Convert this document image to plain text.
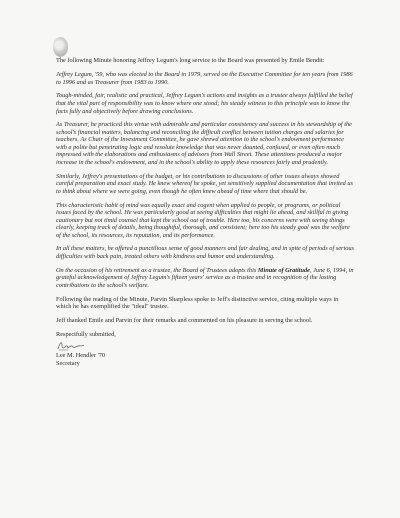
The following Minute honoring Jeffrey Legum's long service to the Board was presented by Emile Bendit:

Jeffrey Legum, '59, who was elected to the Board in 1979, served on the Executive Committee for ten years from 1986 to 1996 and as Treasurer from 1983 to 1990.

Tough-minded, fair, realistic and practical, Jeffrey Legum's actions and insights as a trustee always fulfilled the belief that the vital part of responsibility was to know where one stood; his steady witness to this principle was to know the facts fully and objectively before drawing conclusions.

As Treasurer, he practiced this virtue with admirable and particular consistency and success in his stewardship of the school's financial matters, balancing and reconciling the difficult conflict between tuition charges and salaries for teachers. As Chair of the Investment Committee, he gave shrewd attention to the school's endowment performance with a polite but penetrating logic and resolute knowledge that was never daunted, confused, or even often much impressed with the elaborations and enthusiasms of advisors from Wall Street. These attentions produced a major increase in the school's endowment, and in the school's ability to apply these resources fairly and prudently.

Similarly, Jeffrey's presentations of the budget, or his contributions to discussions of other issues always showed careful preparation and exact study. He knew whereof he spoke, yet sensitively supplied documentation that invited us to think about where we were going, even though he often knew ahead of time where that should be.

This characteristic habit of mind was equally exact and cogent when applied to people, or programs, or political issues faced by the school. He was particularly good at seeing difficulties that might lie ahead, and skillful in giving cautionary but not timid counsel that kept the school out of trouble. Here too, his concerns were with seeing things clearly, keeping track of details, being thoughtful, thorough, and consistent; here too his steady goal was the welfare of the school, its resources, its reputation, and its performance.

In all these matters, he offered a punctilious sense of good manners and fair dealing, and in spite of periods of serious difficulties with back pain, treated others with kindness and humor and understanding.

On the occasion of his retirement as a trustee, the Board of Trustees adopts this Minute of Gratitude, June 6, 1994, in grateful acknowledgement of Jeffrey Legum's fifteen years' service as a trustee and in recognition of the lasting contributions to the school's welfare.

Following the reading of the Minute, Parvin Sharpless spoke to Jeff's distinctive service, citing multiple ways in which he has exemplified the "ideal" trustee.

Jeff thanked Emile and Parvin for their remarks and commented on his pleasure in serving the school.

Respectfully submitted,
Lee M. Hendler '70
Secretary
